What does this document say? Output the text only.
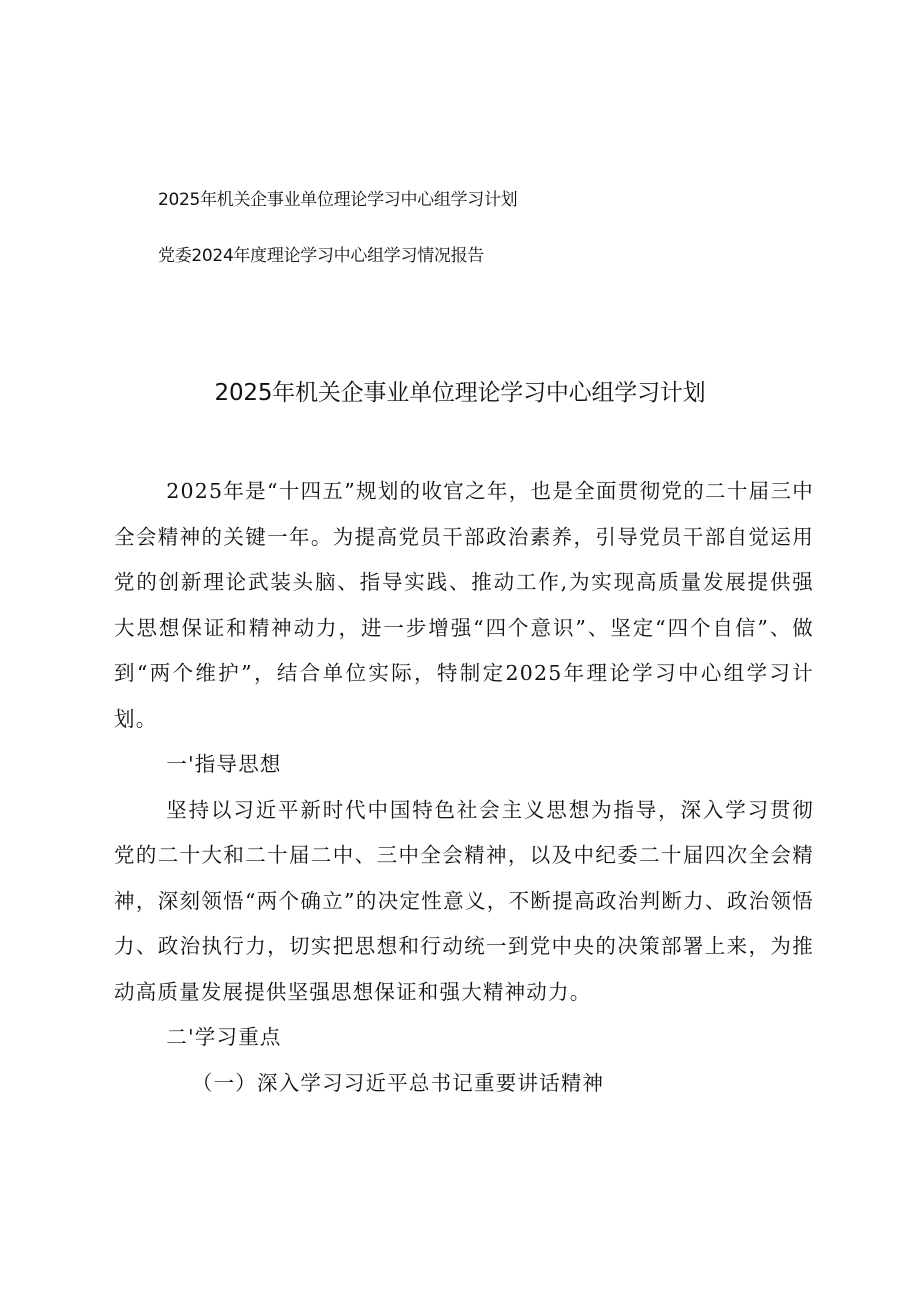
2025年机关企事业单位理论学习中心组学习计划
党委2024年度理论学习中心组学习情况报告
2025年机关企事业单位理论学习中心组学习计划

2025年是“十四五”规划的收官之年，也是全面贯彻党的二十届三中全会精神的关键一年。为提高党员干部政治素养，引导党员干部自觉运用党的创新理论武装头脑、指导实践、推动工作,为实现高质量发展提供强大思想保证和精神动力，进一步增强“四个意识”、坚定“四个自信”、做到“两个维护”，结合单位实际，特制定2025年理论学习中心组学习计划。

一'指导思想

坚持以习近平新时代中国特色社会主义思想为指导，深入学习贯彻党的二十大和二十届二中、三中全会精神，以及中纪委二十届四次全会精神，深刻领悟“两个确立”的决定性意义，不断提高政治判断力、政治领悟力、政治执行力，切实把思想和行动统一到党中央的决策部署上来，为推动高质量发展提供坚强思想保证和强大精神动力。

二'学习重点

（一）深入学习习近平总书记重要讲话精神
